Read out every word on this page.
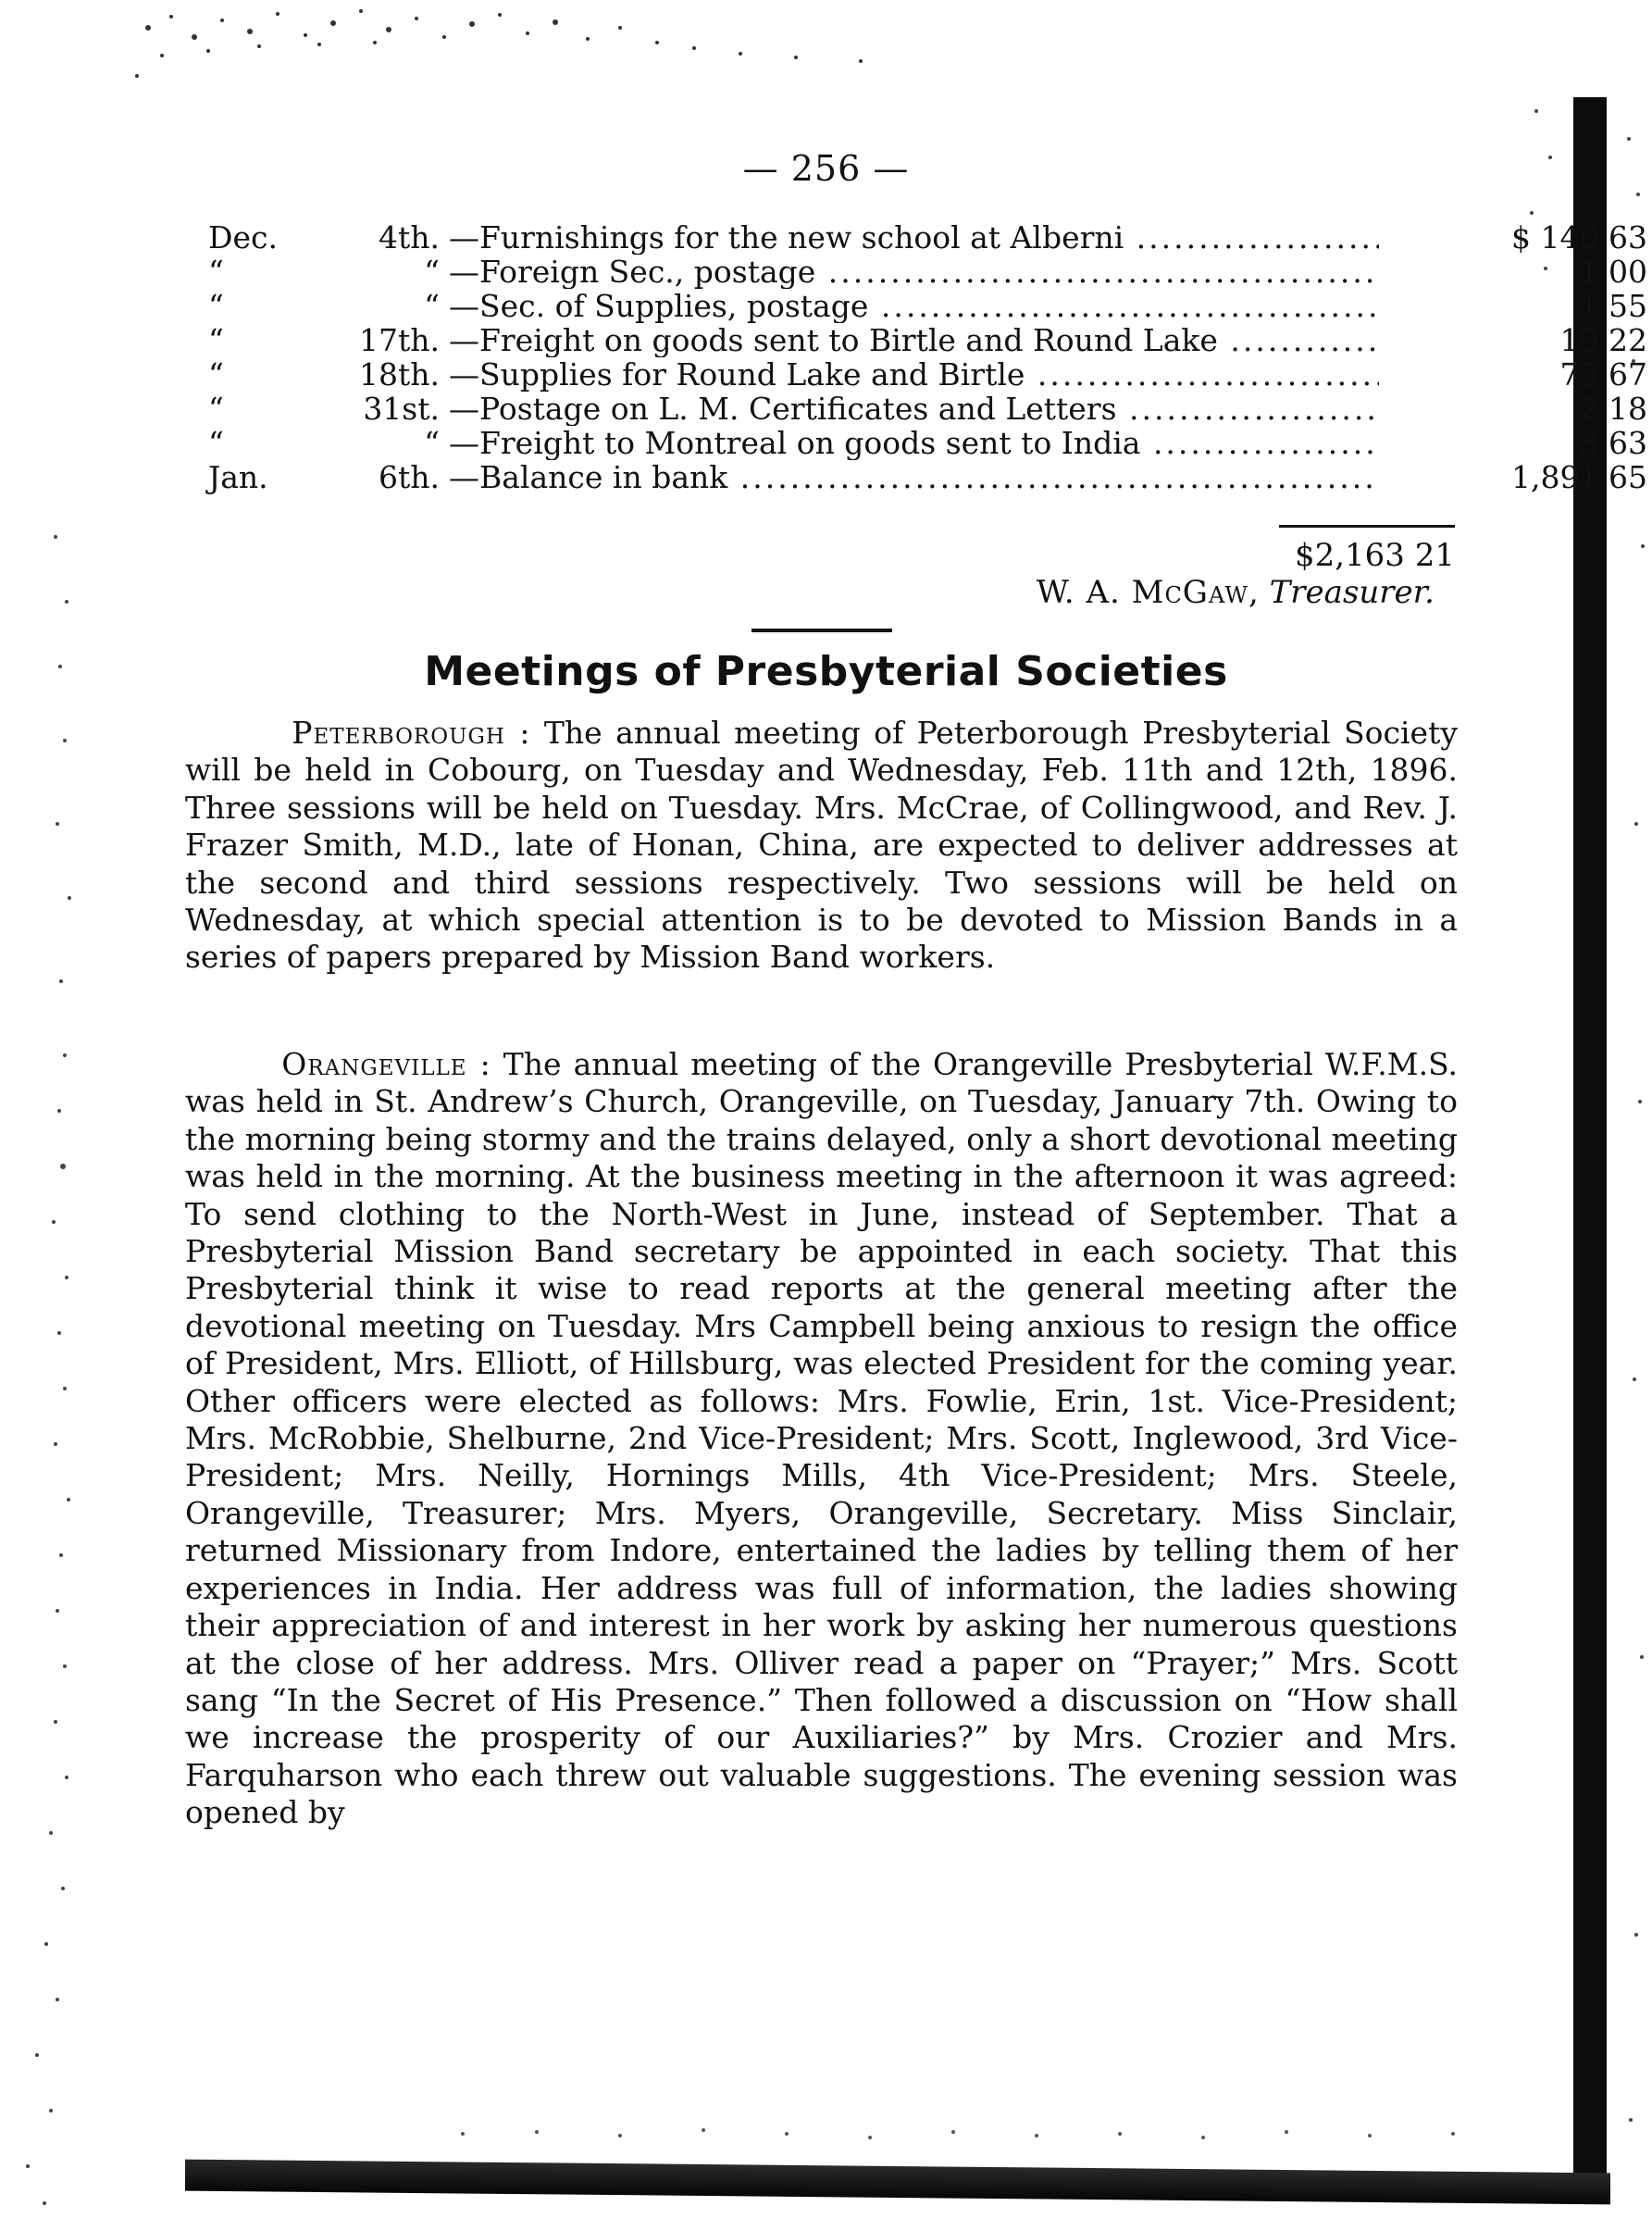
— 256 —
Dec.	4th. —Furnishings for the new school at Alberni .....	$ 140 63
“	“ —Foreign Sec., postage .....	1 00
“	“ —Sec. of Supplies, postage .....	1 55
“	17th. —Freight on goods sent to Birtle and Round Lake .....	19 22
“	18th. —Supplies for Round Lake and Birtle .....	75 67
“	31st. —Postage on L. M. Certificates and Letters .....	2 18
“	“ —Freight to Montreal on goods sent to India .....	3 63
Jan.	6th. —Balance in bank .....	1,891 65
$2,163 21
W. A. McGaw, Treasurer.
Meetings of Presbyterial Societies

Peterborough : The annual meeting of Peterborough Presbyterial Society will be held in Cobourg, on Tuesday and Wednesday, Feb. 11th and 12th, 1896. Three sessions will be held on Tuesday. Mrs. McCrae, of Collingwood, and Rev. J. Frazer Smith, M.D., late of Honan, China, are expected to deliver addresses at the second and third sessions respectively. Two sessions will be held on Wednesday, at which special attention is to be devoted to Mission Bands in a series of papers prepared by Mission Band workers.

Orangeville : The annual meeting of the Orangeville Presbyterial W.F.M.S. was held in St. Andrew’s Church, Orangeville, on Tuesday, January 7th. Owing to the morning being stormy and the trains delayed, only a short devotional meeting was held in the morning. At the business meeting in the afternoon it was agreed: To send clothing to the North-West in June, instead of September. That a Presbyterial Mission Band secretary be appointed in each society. That this Presbyterial think it wise to read reports at the general meeting after the devotional meeting on Tuesday. Mrs Campbell being anxious to resign the office of President, Mrs. Elliott, of Hillsburg, was elected President for the coming year. Other officers were elected as follows: Mrs. Fowlie, Erin, 1st. Vice-President; Mrs. McRobbie, Shelburne, 2nd Vice-President; Mrs. Scott, Inglewood, 3rd Vice-President; Mrs. Neilly, Hornings Mills, 4th Vice-President; Mrs. Steele, Orangeville, Treasurer; Mrs. Myers, Orangeville, Secretary. Miss Sinclair, returned Missionary from Indore, entertained the ladies by telling them of her experiences in India. Her address was full of information, the ladies showing their appreciation of and interest in her work by asking her numerous questions at the close of her address. Mrs. Olliver read a paper on “Prayer;” Mrs. Scott sang “In the Secret of His Presence.” Then followed a discussion on “How shall we increase the prosperity of our Auxiliaries?” by Mrs. Crozier and Mrs. Farquharson who each threw out valuable suggestions. The evening session was opened by
